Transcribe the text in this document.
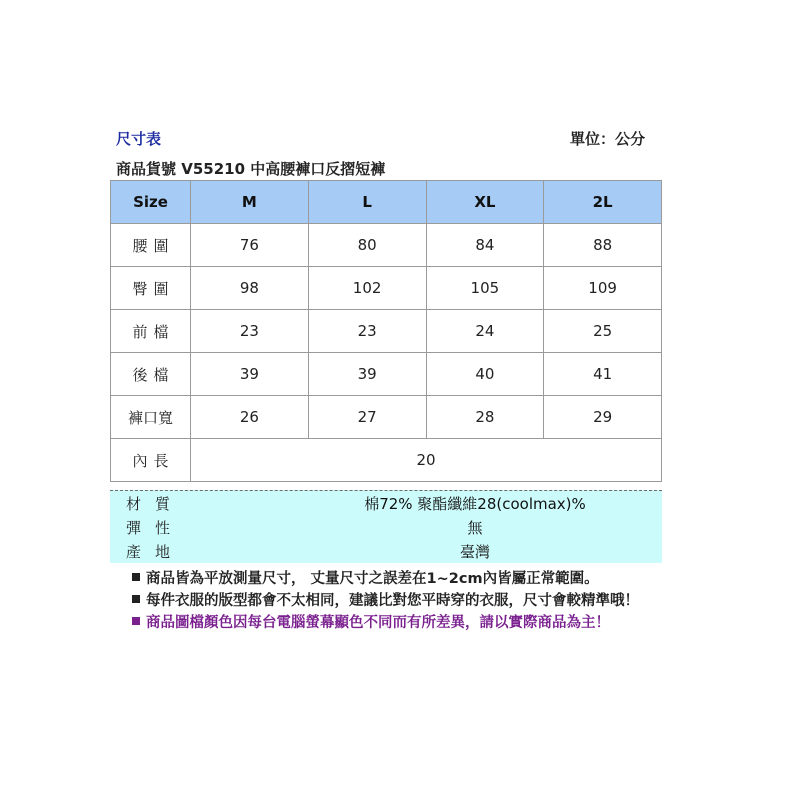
尺寸表	單位：公分
商品貨號 V55210 中高腰褲口反摺短褲
Size	M	L	XL	2L
腰圍	76	80	84	88
臀圍	98	102	105	109
前檔	23	23	24	25
後檔	39	39	40	41
褲口寬	26	27	28	29
內長	20			
材質	棉72% 聚酯纖維28(coolmax)%
彈性	無
產地	臺灣
商品皆為平放測量尺寸， 丈量尺寸之誤差在1~2cm內皆屬正常範圍。
每件衣服的版型都會不太相同，建議比對您平時穿的衣服，尺寸會較精準哦！
商品圖檔顏色因每台電腦螢幕顯色不同而有所差異，請以實際商品為主！
